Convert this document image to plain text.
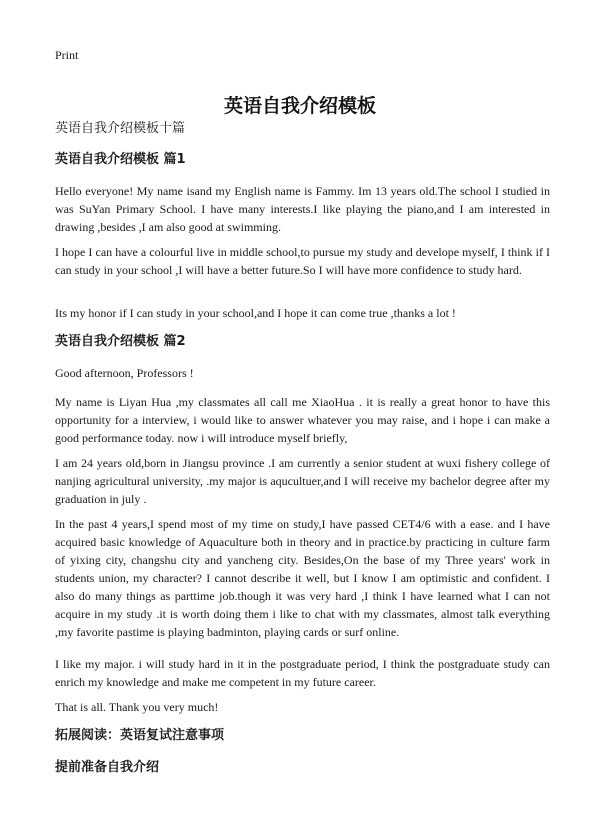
Print

英语自我介绍模板

英语自我介绍模板十篇

英语自我介绍模板 篇1

Hello everyone! My name isand my English name is Fammy. Im 13 years old.The school I studied in was SuYan Primary School. I have many interests.I like playing the piano,and I am interested in drawing ,besides ,I am also good at swimming.

I hope I can have a colourful live in middle school,to pursue my study and develope myself, I think if I can study in your school ,I will have a better future.So I will have more confidence to study hard.

Its my honor if I can study in your school,and I hope it can come true ,thanks a lot !

英语自我介绍模板 篇2

Good afternoon, Professors !

My name is Liyan Hua ,my classmates all call me XiaoHua . it is really a great honor to have this opportunity for a interview, i would like to answer whatever you may raise, and i hope i can make a good performance today. now i will introduce myself briefly,

I am 24 years old,born in Jiangsu province .I am currently a senior student at wuxi fishery college of nanjing agricultural university, .my major is aqucultuer,and I will receive my bachelor degree after my graduation in july .

In the past 4 years,I spend most of my time on study,I have passed CET4/6 with a ease. and I have acquired basic knowledge of Aquaculture both in theory and in practice.by practicing in culture farm of yixing city, changshu city and yancheng city. Besides,On the base of my Three years' work in students union, my character? I cannot describe it well, but I know I am optimistic and confident. I also do many things as parttime job.though it was very hard ,I think I have learned what I can not acquire in my study .it is worth doing them i like to chat with my classmates, almost talk everything ,my favorite pastime is playing badminton, playing cards or surf online.

I like my major. i will study hard in it in the postgraduate period, I think the postgraduate study can enrich my knowledge and make me competent in my future career.

That is all. Thank you very much!

拓展阅读：英语复试注意事项
提前准备自我介绍
